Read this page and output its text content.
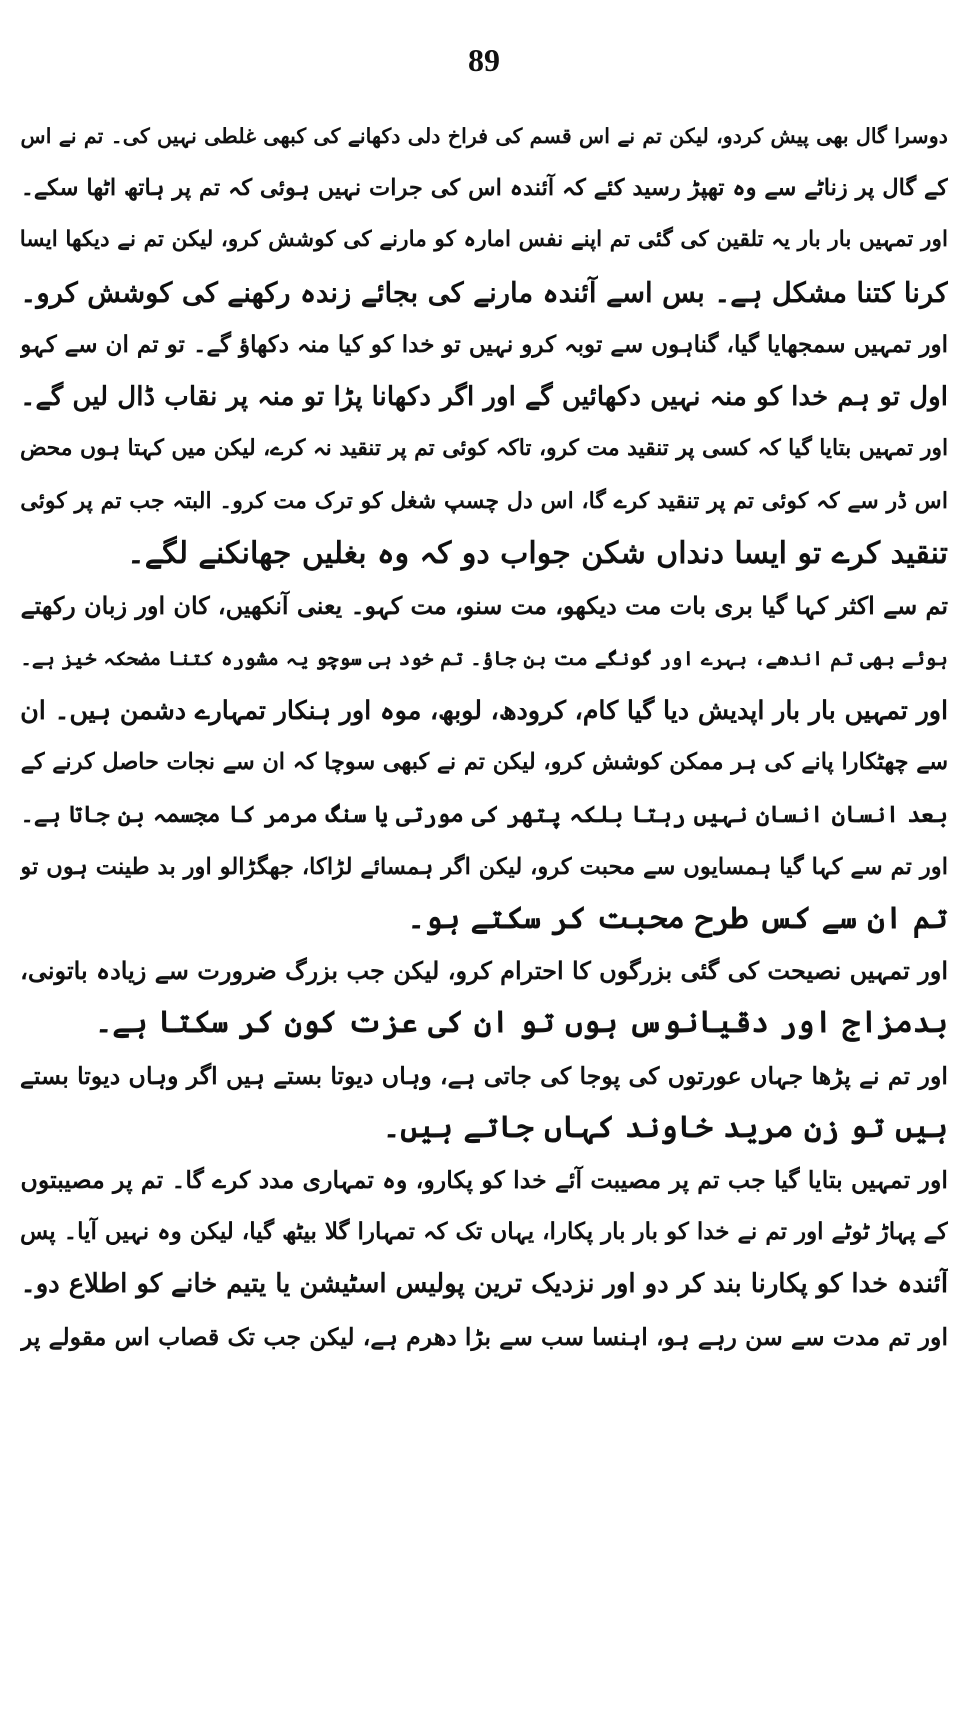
89
دوسرا گال بھی پیش کردو، لیکن تم نے اس قسم کی فراخ دلی دکھانے کی کبھی غلطی نہیں کی۔ تم نے اس
کے گال پر زناٹے سے وہ تھپڑ رسید کئے کہ آئندہ اس کی جرات نہیں ہوئی کہ تم پر ہاتھ اٹھا سکے۔
اور تمہیں بار بار یہ تلقین کی گئی تم اپنے نفس امارہ کو مارنے کی کوشش کرو، لیکن تم نے دیکھا ایسا
کرنا کتنا مشکل ہے۔ بس اسے آئندہ مارنے کی بجائے زندہ رکھنے کی کوشش کرو۔
اور تمہیں سمجھایا گیا، گناہوں سے توبہ کرو نہیں تو خدا کو کیا منہ دکھاؤ گے۔ تو تم ان سے کہو
اول تو ہم خدا کو منہ نہیں دکھائیں گے اور اگر دکھانا پڑا تو منہ پر نقاب ڈال لیں گے۔
اور تمہیں بتایا گیا کہ کسی پر تنقید مت کرو، تاکہ کوئی تم پر تنقید نہ کرے، لیکن میں کہتا ہوں محض
اس ڈر سے کہ کوئی تم پر تنقید کرے گا، اس دل چسپ شغل کو ترک مت کرو۔ البتہ جب تم پر کوئی
تنقید کرے تو ایسا دنداں شکن جواب دو کہ وہ بغلیں جھانکنے لگے۔
تم سے اکثر کہا گیا بری بات مت دیکھو، مت سنو، مت کہو۔ یعنی آنکھیں، کان اور زبان رکھتے
ہوئے بھی تم اندھے، بہرے اور گونگے مت بن جاؤ۔ تم خود ہی سوچو یہ مشورہ کتنا مضحکہ خیز ہے۔
اور تمہیں بار بار اپدیش دیا گیا کام، کرودھ، لوبھ، موہ اور ہنکار تمہارے دشمن ہیں۔ ان
سے چھٹکارا پانے کی ہر ممکن کوشش کرو، لیکن تم نے کبھی سوچا کہ ان سے نجات حاصل کرنے کے
بعد انسان انسان نہیں رہتا بلکہ پتھر کی مورتی یا سنگ مرمر کا مجسمہ بن جاتا ہے۔
اور تم سے کہا گیا ہمسایوں سے محبت کرو، لیکن اگر ہمسائے لڑاکا، جھگڑالو اور بد طینت ہوں تو
تم ان سے کس طرح محبت کر سکتے ہو۔
اور تمہیں نصیحت کی گئی بزرگوں کا احترام کرو، لیکن جب بزرگ ضرورت سے زیادہ باتونی،
بدمزاج اور دقیانوس ہوں تو ان کی عزت کون کر سکتا ہے۔
اور تم نے پڑھا جہاں عورتوں کی پوجا کی جاتی ہے، وہاں دیوتا بستے ہیں اگر وہاں دیوتا بستے
ہیں تو زن مرید خاوند کہاں جاتے ہیں۔
اور تمہیں بتایا گیا جب تم پر مصیبت آئے خدا کو پکارو، وہ تمہاری مدد کرے گا۔ تم پر مصیبتوں
کے پہاڑ ٹوٹے اور تم نے خدا کو بار بار پکارا، یہاں تک کہ تمہارا گلا بیٹھ گیا، لیکن وہ نہیں آیا۔ پس
آئندہ خدا کو پکارنا بند کر دو اور نزدیک ترین پولیس اسٹیشن یا یتیم خانے کو اطلاع دو۔
اور تم مدت سے سن رہے ہو، اہنسا سب سے بڑا دھرم ہے، لیکن جب تک قصاب اس مقولے پر
